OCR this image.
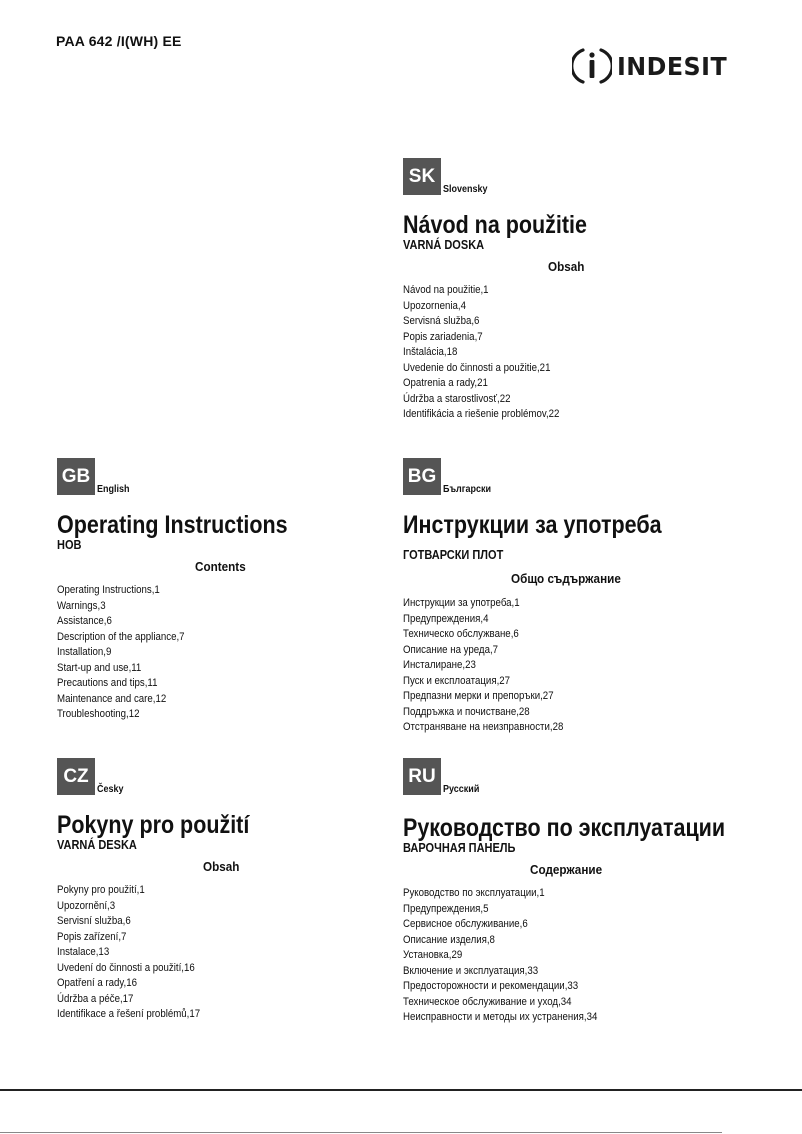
PAA 642 /I(WH) EE
INDESIT
SK
Slovensky
Návod na použitie
VARNÁ DOSKA
Obsah
Návod na použitie,1
Upozornenia,4
Servisná služba,6
Popis zariadenia,7
Inštalácia,18
Uvedenie do činnosti a použitie,21
Opatrenia a rady,21
Údržba a starostlivosť,22
Identifikácia a riešenie problémov,22
GB
English
Operating Instructions
HOB
Contents
Operating Instructions,1
Warnings,3
Assistance,6
Description of the appliance,7
Installation,9
Start-up and use,11
Precautions and tips,11
Maintenance and care,12
Troubleshooting,12
BG
Български
Инструкции за употреба
ГОТВАРСКИ ПЛОТ
Общо съдържание
Инструкции за употреба,1
Предупреждения,4
Техническо обслужване,6
Описание на уреда,7
Инсталиране,23
Пуск и експлоатация,27
Предпазни мерки и препоръки,27
Поддръжка и почистване,28
Отстраняване на неизправности,28
CZ
Česky
Pokyny pro použití
VARNÁ DESKA
Obsah
Pokyny pro použití,1
Upozornění,3
Servisní služba,6
Popis zařízení,7
Instalace,13
Uvedení do činnosti a použití,16
Opatření a rady,16
Údržba a péče,17
Identifikace a řešení problémů,17
RU
Русский
Руководство по эксплуатации
ВАРОЧНАЯ ПАНЕЛЬ
Содержание
Руководство по эксплуатации,1
Предупреждения,5
Сервисное обслуживание,6
Описание изделия,8
Установка,29
Включение и эксплуатация,33
Предосторожности и рекомендации,33
Техническое обслуживание и уход,34
Неисправности и методы их устранения,34
